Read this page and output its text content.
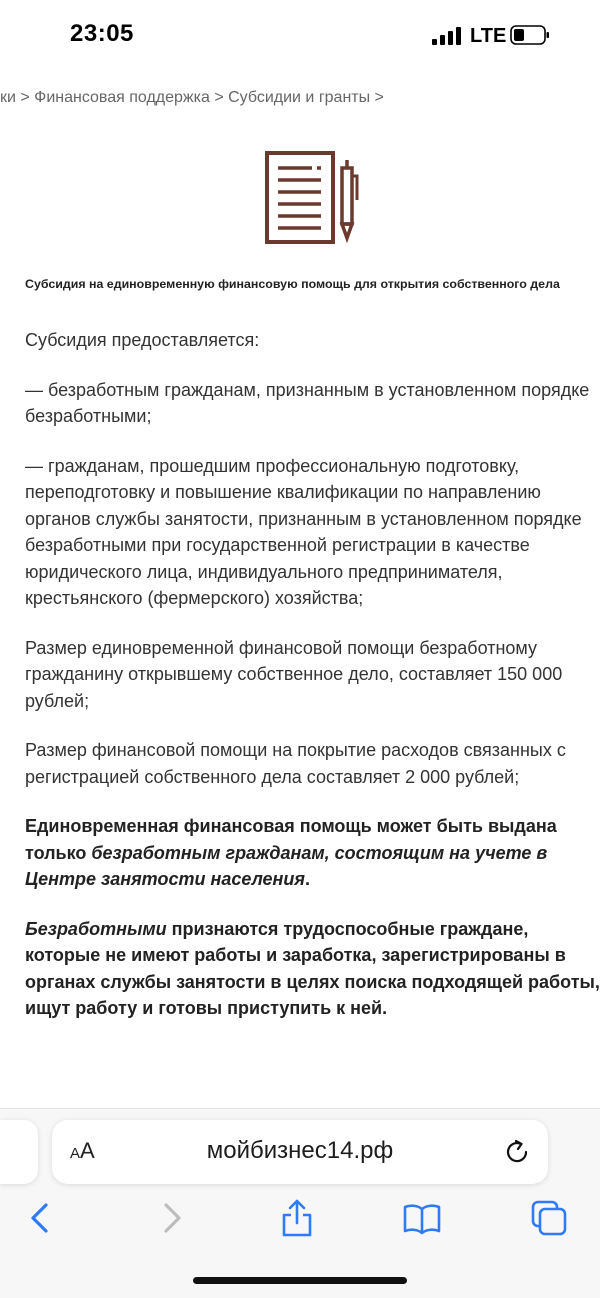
23:05	LTE
ки > Финансовая поддержка > Субсидии и гранты >
Субсидия на единовременную финансовую помощь для открытия собственного дела

Субсидия предоставляется:

— безработным гражданам, признанным в установленном порядке безработными;

— гражданам, прошедшим профессиональную подготовку, переподготовку и повышение квалификации по направлению органов службы занятости, признанным в установленном порядке безработными при государственной регистрации в качестве юридического лица, индивидуального предпринимателя, крестьянского (фермерского) хозяйства;

Размер единовременной финансовой помощи безработному гражданину открывшему собственное дело, составляет 150 000 рублей;

Размер финансовой помощи на покрытие расходов связанных с регистрацией собственного дела составляет 2 000 рублей;

Единовременная финансовая помощь может быть выдана только безработным гражданам, состоящим на учете в Центре занятости населения.

Безработными признаются трудоспособные граждане, которые не имеют работы и заработка, зарегистрированы в органах службы занятости в целях поиска подходящей работы, ищут работу и готовы приступить к ней.

AA	мойбизнес14.рф
